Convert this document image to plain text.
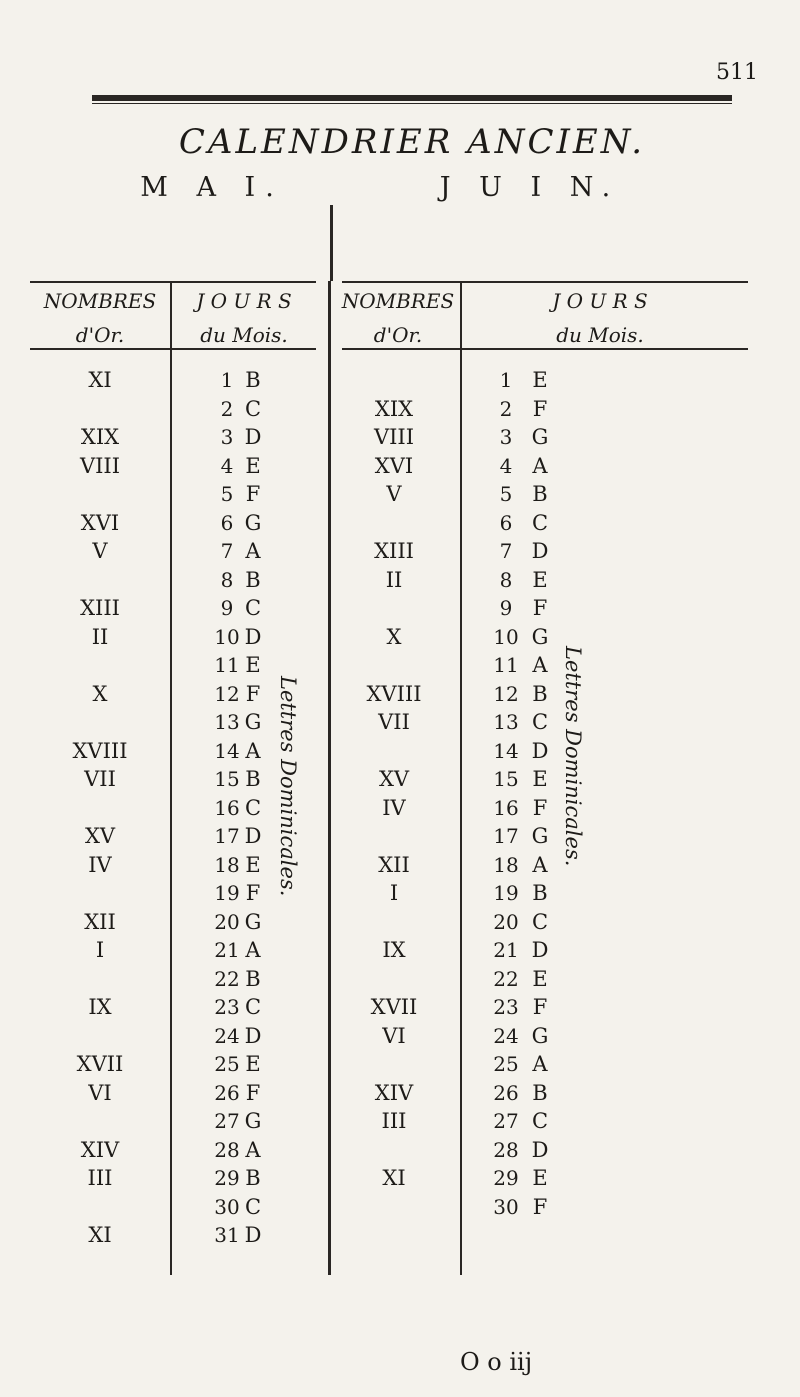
511
CALENDRIER ANCIEN.
M A I.	J U I N.
NOMBRES
d'Or.
J O U R S
du Mois.
NOMBRES
d'Or.
J O U R S
du Mois.
Lettres Dominicales.	Lettres Dominicales.
XI
XIX
VIII
XVI
V
XIII
II
X
XVIII
VII
XV
IV
XII
I
IX
XVII
VI
XIV
III
XI
1
2
3
4
5
6
7
8
9
10
11
12
13
14
15
16
17
18
19
20
21
22
23
24
25
26
27
28
29
30
31
B
C
D
E
F
G
A
B
C
D
E
F
G
A
B
C
D
E
F
G
A
B
C
D
E
F
G
A
B
C
D
XIX
VIII
XVI
V
XIII
II
X
XVIII
VII
XV
IV
XII
I
IX
XVII
VI
XIV
III
XI
1
2
3
4
5
6
7
8
9
10
11
12
13
14
15
16
17
18
19
20
21
22
23
24
25
26
27
28
29
30
E
F
G
A
B
C
D
E
F
G
A
B
C
D
E
F
G
A
B
C
D
E
F
G
A
B
C
D
E
F
O o iij
